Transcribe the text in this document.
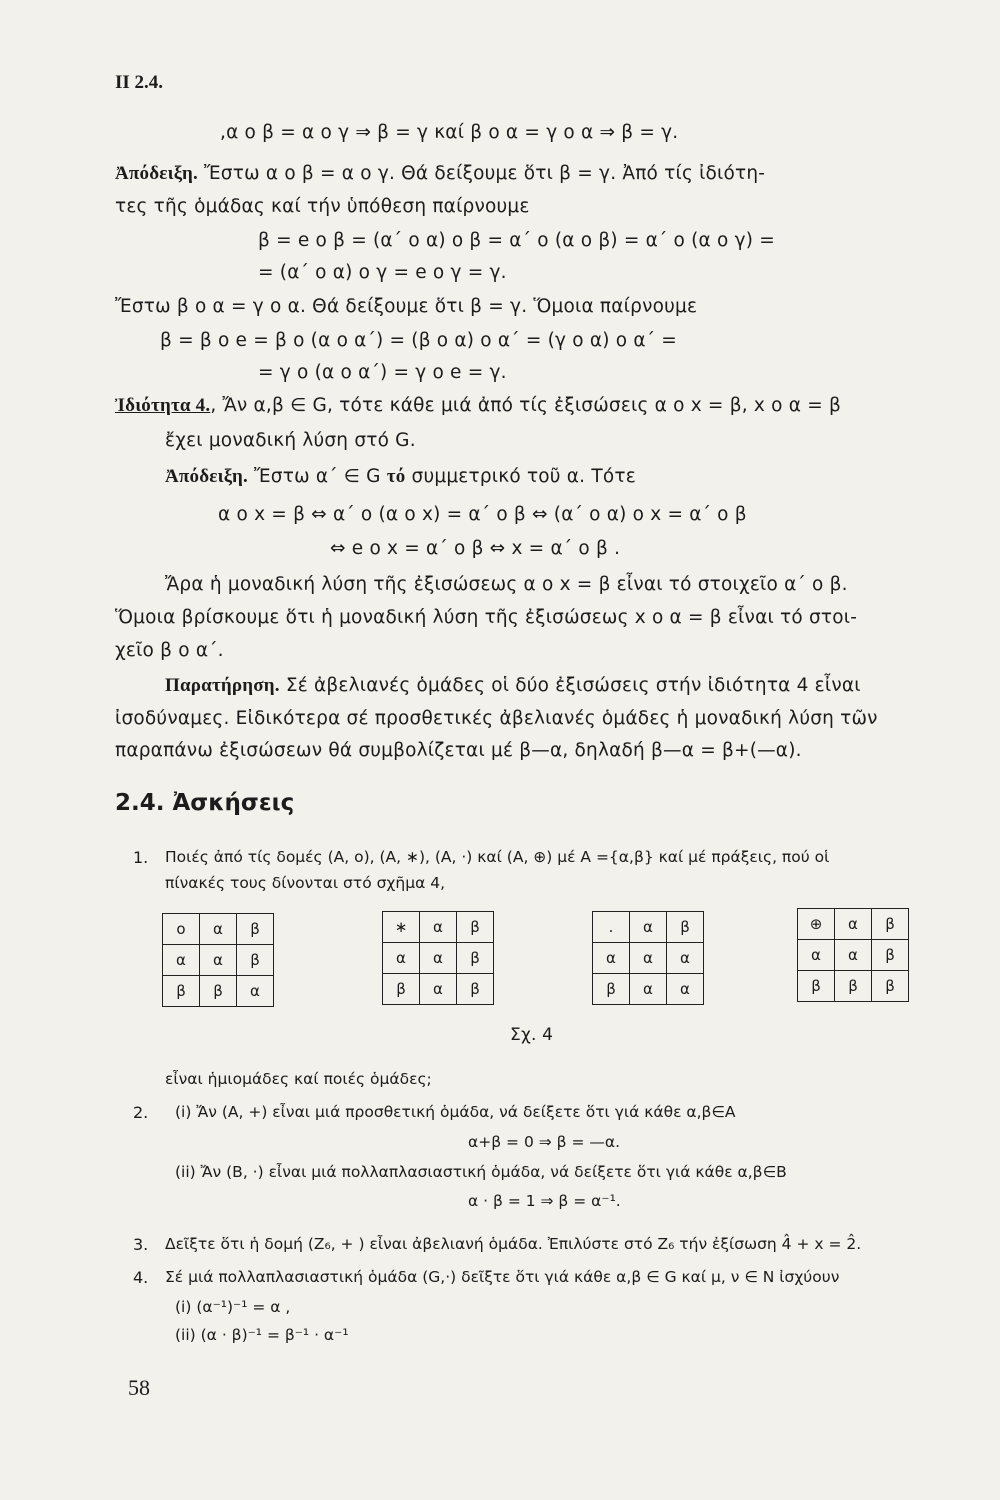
ΙΙ 2.4.
,α ο β = α ο γ ⇒ β = γ καί β ο α = γ ο α ⇒ β = γ.
Ἀπόδειξη. Ἔστω α ο β = α ο γ. Θά δείξουμε ὅτι β = γ. Ἀπό τίς ἰδιότη-
τες τῆς ὁμάδας καί τήν ὑπόθεση παίρνουμε
β = e ο β = (α΄ ο α) ο β = α΄ ο (α ο β) = α΄ ο (α ο γ) =
= (α΄ ο α) ο γ = e ο γ = γ.
Ἔστω β ο α = γ ο α. Θά δείξουμε ὅτι β = γ. Ὅμοια παίρνουμε
β = β ο e = β ο (α ο α΄) = (β ο α) ο α΄ = (γ ο α) ο α΄ =
= γ ο (α ο α΄) = γ ο e = γ.
Ἰδιότητα 4., Ἄν α,β ∈ G, τότε κάθε μιά ἀπό τίς ἐξισώσεις α ο x = β, x ο α = β
ἔχει μοναδική λύση στό G.
Ἀπόδειξη. Ἔστω α΄ ∈ G τό συμμετρικό τοῦ α. Τότε
α ο x = β ⇔ α΄ ο (α ο x) = α΄ ο β ⇔ (α΄ ο α) ο x = α΄ ο β
⇔ e ο x = α΄ ο β ⇔ x = α΄ ο β .
Ἄρα ἡ μοναδική λύση τῆς ἐξισώσεως α ο x = β εἶναι τό στοιχεῖο α΄ ο β.
Ὅμοια βρίσκουμε ὅτι ἡ μοναδική λύση τῆς ἐξισώσεως x ο α = β εἶναι τό στοι-
χεῖο β ο α΄.
Παρατήρηση. Σέ ἀβελιανές ὁμάδες οἱ δύο ἐξισώσεις στήν ἰδιότητα 4 εἶναι
ἰσοδύναμες. Εἰδικότερα σέ προσθετικές ἀβελιανές ὁμάδες ἡ μοναδική λύση τῶν
παραπάνω ἐξισώσεων θά συμβολίζεται μέ β—α, δηλαδή β—α = β+(—α).
2.4. Ἀσκήσεις
1. Ποιές ἀπό τίς δομές (Α, ο), (Α, ∗), (Α, ·) καί (Α, ⊕) μέ Α ={α,β} καί μέ πράξεις, πού οἱ
πίνακές τους δίνονται στό σχῆμα 4,
ο	α	β
α	α	β
β	β	α
∗	α	β
α	α	β
β	α	β
.	α	β
α	α	α
β	α	α
⊕	α	β
α	α	β
β	β	β
Σχ. 4
εἶναι ἡμιομάδες καί ποιές ὁμάδες;
2. (i) Ἄν (Α, +) εἶναι μιά προσθετική ὁμάδα, νά δείξετε ὅτι γιά κάθε α,β∈Α
α+β = 0 ⇒ β = —α.
(ii) Ἄν (Β, ·) εἶναι μιά πολλαπλασιαστική ὁμάδα, νά δείξετε ὅτι γιά κάθε α,β∈Β
α · β = 1 ⇒ β = α⁻¹.
3. Δεῖξτε ὅτι ἡ δομή (Z₆, + ) εἶναι ἀβελιανή ὁμάδα. Ἐπιλύστε στό Z₆ τήν ἐξίσωση 4̂ + x = 2̂.
4. Σέ μιά πολλαπλασιαστική ὁμάδα (G,·) δεῖξτε ὅτι γιά κάθε α,β ∈ G καί μ, ν ∈ N ἰσχύουν
(i) (α⁻¹)⁻¹ = α ,
(ii) (α · β)⁻¹ = β⁻¹ · α⁻¹
58
